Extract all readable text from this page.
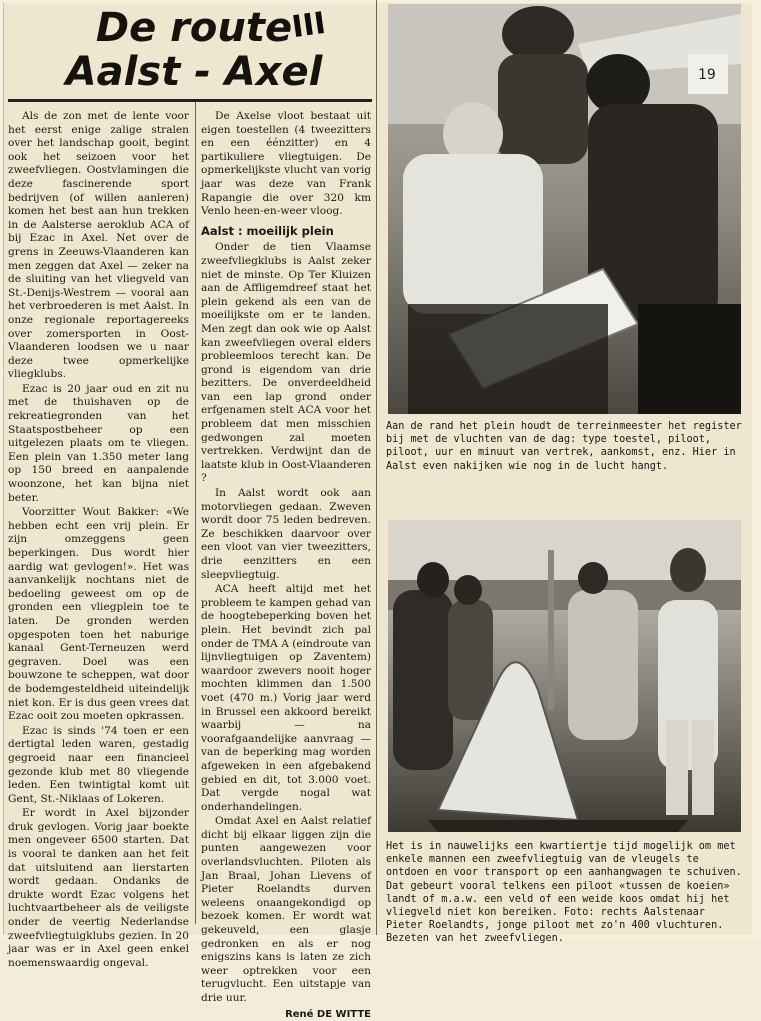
De route
Aalst - Axel
III

Als de zon met de lente voor het eerst enige zalige stralen over het landschap gooit, begint ook het seizoen voor het zweefvliegen. Oostvlamingen die deze fascinerende sport bedrijven (of willen aanleren) komen het best aan hun trekken in de Aalsterse aeroklub ACA of bij Ezac in Axel. Net over de grens in Zeeuws-Vlaanderen kan men zeggen dat Axel — zeker na de sluiting van het vliegveld van St.-Denijs-Westrem — vooral aan het verbroederen is met Aalst. In onze regionale reportagereeks over zomersporten in Oost-Vlaanderen loodsen we u naar deze twee opmerkelijke vliegklubs.

Ezac is 20 jaar oud en zit nu met de thuishaven op de rekreatiegronden van het Staatspostbeheer op een uitgelezen plaats om te vliegen. Een plein van 1.350 meter lang op 150 breed en aanpalende woonzone, het kan bijna niet beter.

Voorzitter Wout Bakker: «We hebben echt een vrij plein. Er zijn omzeggens geen beperkingen. Dus wordt hier aardig wat gevlogen!». Het was aanvankelijk nochtans niet de bedoeling geweest om op de gronden een vliegplein toe te laten. De gronden werden opgespoten toen het naburige kanaal Gent-Terneuzen werd gegraven. Doel was een bouwzone te scheppen, wat door de bodemgesteldheid uiteindelijk niet kon. Er is dus geen vrees dat Ezac ooit zou moeten opkrassen.

Ezac is sinds '74 toen er een dertigtal leden waren, gestadig gegroeid naar een financieel gezonde klub met 80 vliegende leden. Een twintigtal komt uit Gent, St.-Niklaas of Lokeren.

Er wordt in Axel bijzonder druk gevlogen. Vorig jaar boekte men ongeveer 6500 starten. Dat is vooral te danken aan het feit dat uitsluitend aan lierstarten wordt gedaan. Ondanks de drukte wordt Ezac volgens het luchtvaartbeheer als de veiligste onder de veertig Nederlandse zweefvliegtuigklubs gezien. In 20 jaar was er in Axel geen enkel noemenswaardig ongeval.

De Axelse vloot bestaat uit eigen toestellen (4 tweezitters en een éénzitter) en 4 partikuliere vliegtuigen. De opmerkelijkste vlucht van vorig jaar was deze van Frank Rapangie die over 320 km Venlo heen-en-weer vloog.

Aalst : moeilijk plein

Onder de tien Vlaamse zweefvliegklubs is Aalst zeker niet de minste. Op Ter Kluizen aan de Affligemdreef staat het plein gekend als een van de moeilijkste om er te landen. Men zegt dan ook wie op Aalst kan zweefvliegen overal elders probleemloos terecht kan. De grond is eigendom van drie bezitters. De onverdeeldheid van een lap grond onder erfgenamen stelt ACA voor het probleem dat men misschien gedwongen zal moeten vertrekken. Verdwijnt dan de laatste klub in Oost-Vlaanderen ?

In Aalst wordt ook aan motorvliegen gedaan. Zweven wordt door 75 leden bedreven. Ze beschikken daarvoor over een vloot van vier tweezitters, drie eenzitters en een sleepvliegtuig.

ACA heeft altijd met het probleem te kampen gehad van de hoogtebeperking boven het plein. Het bevindt zich pal onder de TMA A (eindroute van lijnvliegtuigen op Zaventem) waardoor zwevers nooit hoger mochten klimmen dan 1.500 voet (470 m.) Vorig jaar werd in Brussel een akkoord bereikt waarbij — na voorafgaandelijke aanvraag — van de beperking mag worden afgeweken in een afgebakend gebied en dit, tot 3.000 voet. Dat vergde nogal wat onderhandelingen.

Omdat Axel en Aalst relatief dicht bij elkaar liggen zijn die punten aangewezen voor overlandsvluchten. Piloten als Jan Braal, Johan Lievens of Pieter Roelandts durven weleens onaangekondigd op bezoek komen. Er wordt wat gekeuveld, een glasje gedronken en als er nog enigszins kans is laten ze zich weer optrekken voor een terugvlucht. Een uitstapje van drie uur.

René DE WITTE
19
Aan de rand het plein houdt de terreinmeester het register bij met de vluchten van de dag: type toestel, piloot, piloot, uur en minuut van vertrek, aankomst, enz. Hier in Aalst even nakijken wie nog in de lucht hangt.
Het is in nauwelijks een kwartiertje tijd mogelijk om met enkele mannen een zweefvliegtuig van de vleugels te ontdoen en voor transport op een aanhangwagen te schuiven. Dat gebeurt vooral telkens een piloot «tussen de koeien» landt of m.a.w. een veld of een weide koos omdat hij het vliegveld niet kon bereiken. Foto: rechts Aalstenaar Pieter Roelandts, jonge piloot met zo'n 400 vluchturen. Bezeten van het zweefvliegen.
